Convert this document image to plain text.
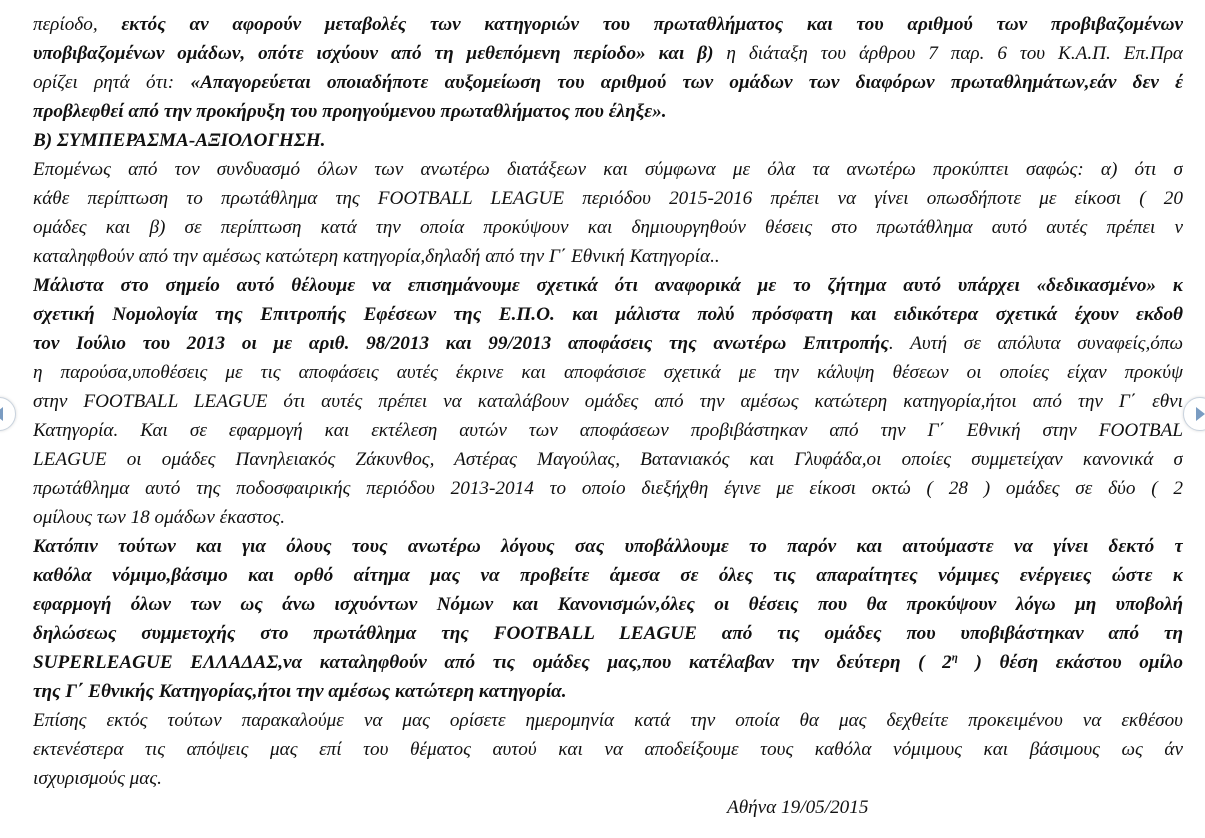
περίοδο, εκτός αν αφορούν μεταβολές των κατηγοριών του πρωταθλήματος και του αριθμού των προβιβαζομένων
υποβιβαζομένων ομάδων, οπότε ισχύουν από τη μεθεπόμενη περίοδο» και β) η διάταξη του άρθρου 7 παρ. 6 του Κ.Α.Π. Επ.Πρα
ορίζει ρητά ότι: «Απαγορεύεται οποιαδήποτε αυξομείωση του αριθμού των ομάδων των διαφόρων πρωταθλημάτων,εάν δεν έ
προβλεφθεί από την προκήρυξη του προηγούμενου πρωταθλήματος που έληξε».
Β) ΣΥΜΠΕΡΑΣΜΑ-ΑΞΙΟΛΟΓΗΣΗ.
Επομένως από τον συνδυασμό όλων των ανωτέρω διατάξεων και σύμφωνα με όλα τα ανωτέρω προκύπτει σαφώς: α) ότι σ
κάθε περίπτωση το πρωτάθλημα της FOOTBALL LEAGUE περιόδου 2015-2016 πρέπει να γίνει οπωσδήποτε με είκοσι ( 20
ομάδες και β) σε περίπτωση κατά την οποία προκύψουν και δημιουργηθούν θέσεις στο πρωτάθλημα αυτό αυτές πρέπει ν
καταληφθούν από την αμέσως κατώτερη κατηγορία,δηλαδή από την Γ΄ Εθνική Κατηγορία..
Μάλιστα στο σημείο αυτό θέλουμε να επισημάνουμε σχετικά ότι αναφορικά με το ζήτημα αυτό υπάρχει «δεδικασμένο» κ
σχετική Νομολογία της Επιτροπής Εφέσεων της Ε.Π.Ο. και μάλιστα πολύ πρόσφατη και ειδικότερα σχετικά έχουν εκδοθ
τον Ιούλιο του 2013 οι με αριθ. 98/2013 και 99/2013 αποφάσεις της ανωτέρω Επιτροπής. Αυτή σε απόλυτα συναφείς,όπω
η παρούσα,υποθέσεις με τις αποφάσεις αυτές έκρινε και αποφάσισε σχετικά με την κάλυψη θέσεων οι οποίες είχαν προκύψ
στην FOOTBALL LEAGUE ότι αυτές πρέπει να καταλάβουν ομάδες από την αμέσως κατώτερη κατηγορία,ήτοι από την Γ΄ εθνι
Κατηγορία. Και σε εφαρμογή και εκτέλεση αυτών των αποφάσεων προβιβάστηκαν από την Γ΄ Εθνική στην FOOTBAL
LEAGUE οι ομάδες Πανηλειακός Ζάκυνθος, Αστέρας Μαγούλας, Βατανιακός και Γλυφάδα,οι οποίες συμμετείχαν κανονικά σ
πρωτάθλημα αυτό της ποδοσφαιρικής περιόδου 2013-2014 το οποίο διεξήχθη έγινε με είκοσι οκτώ ( 28 ) ομάδες σε δύο ( 2
ομίλους των 18 ομάδων έκαστος.
Κατόπιν τούτων και για όλους τους ανωτέρω λόγους σας υποβάλλουμε το παρόν και αιτούμαστε να γίνει δεκτό τ
καθόλα νόμιμο,βάσιμο και ορθό αίτημα μας να προβείτε άμεσα σε όλες τις απαραίτητες νόμιμες ενέργειες ώστε κ
εφαρμογή όλων των ως άνω ισχυόντων Νόμων και Κανονισμών,όλες οι θέσεις που θα προκύψουν λόγω μη υποβολή
δηλώσεως συμμετοχής στο πρωτάθλημα της FOOTBALL LEAGUE από τις ομάδες που υποβιβάστηκαν από τη
SUPERLEAGUE ΕΛΛΑΔΑΣ,να καταληφθούν από τις ομάδες μας,που κατέλαβαν την δεύτερη ( $2^\eta$ ) θέση εκάστου ομίλο
της Γ΄ Εθνικής Κατηγορίας,ήτοι την αμέσως κατώτερη κατηγορία.
Επίσης εκτός τούτων παρακαλούμε να μας ορίσετε ημερομηνία κατά την οποία θα μας δεχθείτε προκειμένου να εκθέσου
εκτενέστερα τις απόψεις μας επί του θέματος αυτού και να αποδείξουμε τους καθόλα νόμιμους και βάσιμους ως άν
ισχυρισμούς μας.
Αθήνα 19/05/2015
